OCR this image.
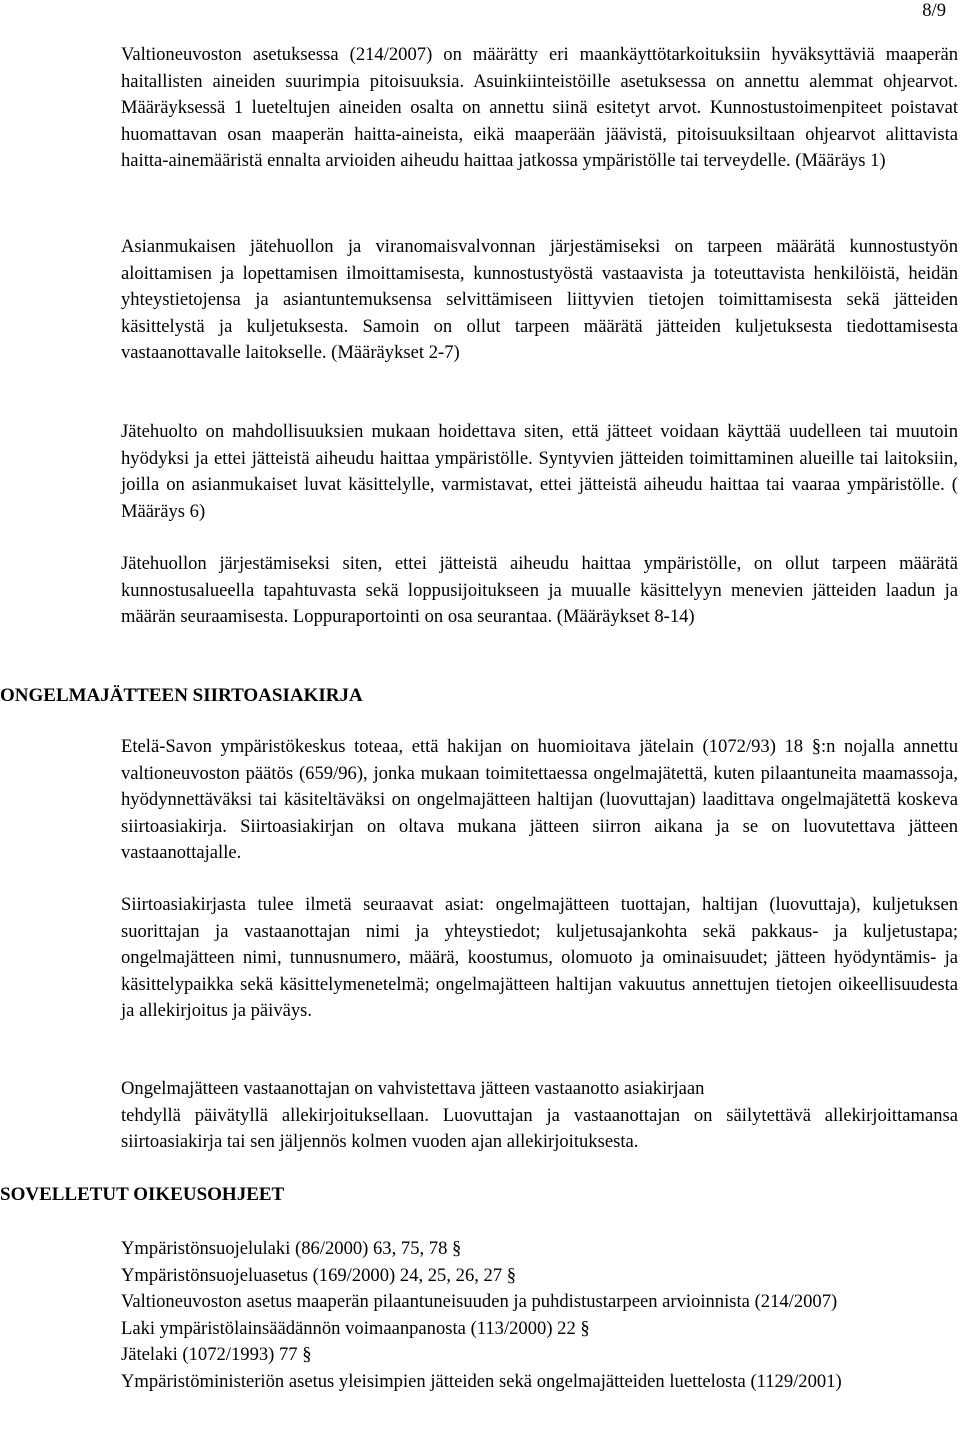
8/9

Valtioneuvoston asetuksessa (214/2007) on määrätty eri maankäyttötarkoituksiin hyväksyttäviä maaperän haitallisten aineiden suurimpia pitoisuuksia. Asuinkiinteistöille asetuksessa on annettu alemmat ohjearvot. Määräyksessä 1 lueteltujen aineiden osalta on annettu siinä esitetyt arvot. Kunnostustoimenpiteet poistavat huomattavan osan maaperän haitta-aineista, eikä maaperään jäävistä, pitoisuuksiltaan ohjearvot alittavista haitta-ainemääristä ennalta arvioiden aiheudu haittaa jatkossa ympäristölle tai terveydelle. (Määräys 1)

Asianmukaisen jätehuollon ja viranomaisvalvonnan järjestämiseksi on tarpeen määrätä kunnostustyön aloittamisen ja lopettamisen ilmoittamisesta, kunnostustyöstä vastaavista ja toteuttavista henkilöistä, heidän yhteystietojensa ja asiantuntemuksensa selvittämiseen liittyvien tietojen toimittamisesta sekä jätteiden käsittelystä ja kuljetuksesta. Samoin on ollut tarpeen määrätä jätteiden kuljetuksesta tiedottamisesta vastaanottavalle laitokselle. (Määräykset 2-7)

Jätehuolto on mahdollisuuksien mukaan hoidettava siten, että jätteet voidaan käyttää uudelleen tai muutoin hyödyksi ja ettei jätteistä aiheudu haittaa ympäristölle. Syntyvien jätteiden toimittaminen alueille tai laitoksiin, joilla on asianmukaiset luvat käsittelylle, varmistavat, ettei jätteistä aiheudu haittaa tai vaaraa ympäristölle. ( Määräys 6)

Jätehuollon järjestämiseksi siten, ettei jätteistä aiheudu haittaa ympäristölle, on ollut tarpeen määrätä kunnostusalueella tapahtuvasta sekä loppusijoitukseen ja muualle käsittelyyn menevien jätteiden laadun ja määrän seuraamisesta. Loppuraportointi on osa seurantaa. (Määräykset 8-14)

ONGELMAJÄTTEEN SIIRTOASIAKIRJA

Etelä-Savon ympäristökeskus toteaa, että hakijan on huomioitava jätelain (1072/93) 18 §:n nojalla annettu valtioneuvoston päätös (659/96), jonka mukaan toimitettaessa ongelmajätettä, kuten pilaantuneita maamassoja, hyödynnettäväksi tai käsiteltäväksi on ongelmajätteen haltijan (luovuttajan) laadittava ongelmajätettä koskeva siirtoasiakirja. Siirtoasiakirjan on oltava mukana jätteen siirron aikana ja se on luovutettava jätteen vastaanottajalle.

Siirtoasiakirjasta tulee ilmetä seuraavat asiat: ongelmajätteen tuottajan, haltijan (luovuttaja), kuljetuksen suorittajan ja vastaanottajan nimi ja yhteystiedot; kuljetusajankohta sekä pakkaus- ja kuljetustapa; ongelmajätteen nimi, tunnusnumero, määrä, koostumus, olomuoto ja ominaisuudet; jätteen hyödyntämis- ja käsittelypaikka sekä käsittelymenetelmä; ongelmajätteen haltijan vakuutus annettujen tietojen oikeellisuudesta ja allekirjoitus ja päiväys.

Ongelmajätteen vastaanottajan on vahvistettava jätteen vastaanotto asiakirjaan
tehdyllä päivätyllä allekirjoituksellaan. Luovuttajan ja vastaanottajan on säilytettävä allekirjoittamansa siirtoasiakirja tai sen jäljennös kolmen vuoden ajan allekirjoituksesta.

SOVELLETUT OIKEUSOHJEET
Ympäristönsuojelulaki (86/2000) 63, 75, 78 §
Ympäristönsuojeluasetus (169/2000) 24, 25, 26, 27 §
Valtioneuvoston asetus maaperän pilaantuneisuuden ja puhdistustarpeen arvioinnista (214/2007)
Laki ympäristölainsäädännön voimaanpanosta (113/2000) 22 §
Jätelaki (1072/1993) 77 §
Ympäristöministeriön asetus yleisimpien jätteiden sekä ongelmajätteiden luettelosta (1129/2001)
